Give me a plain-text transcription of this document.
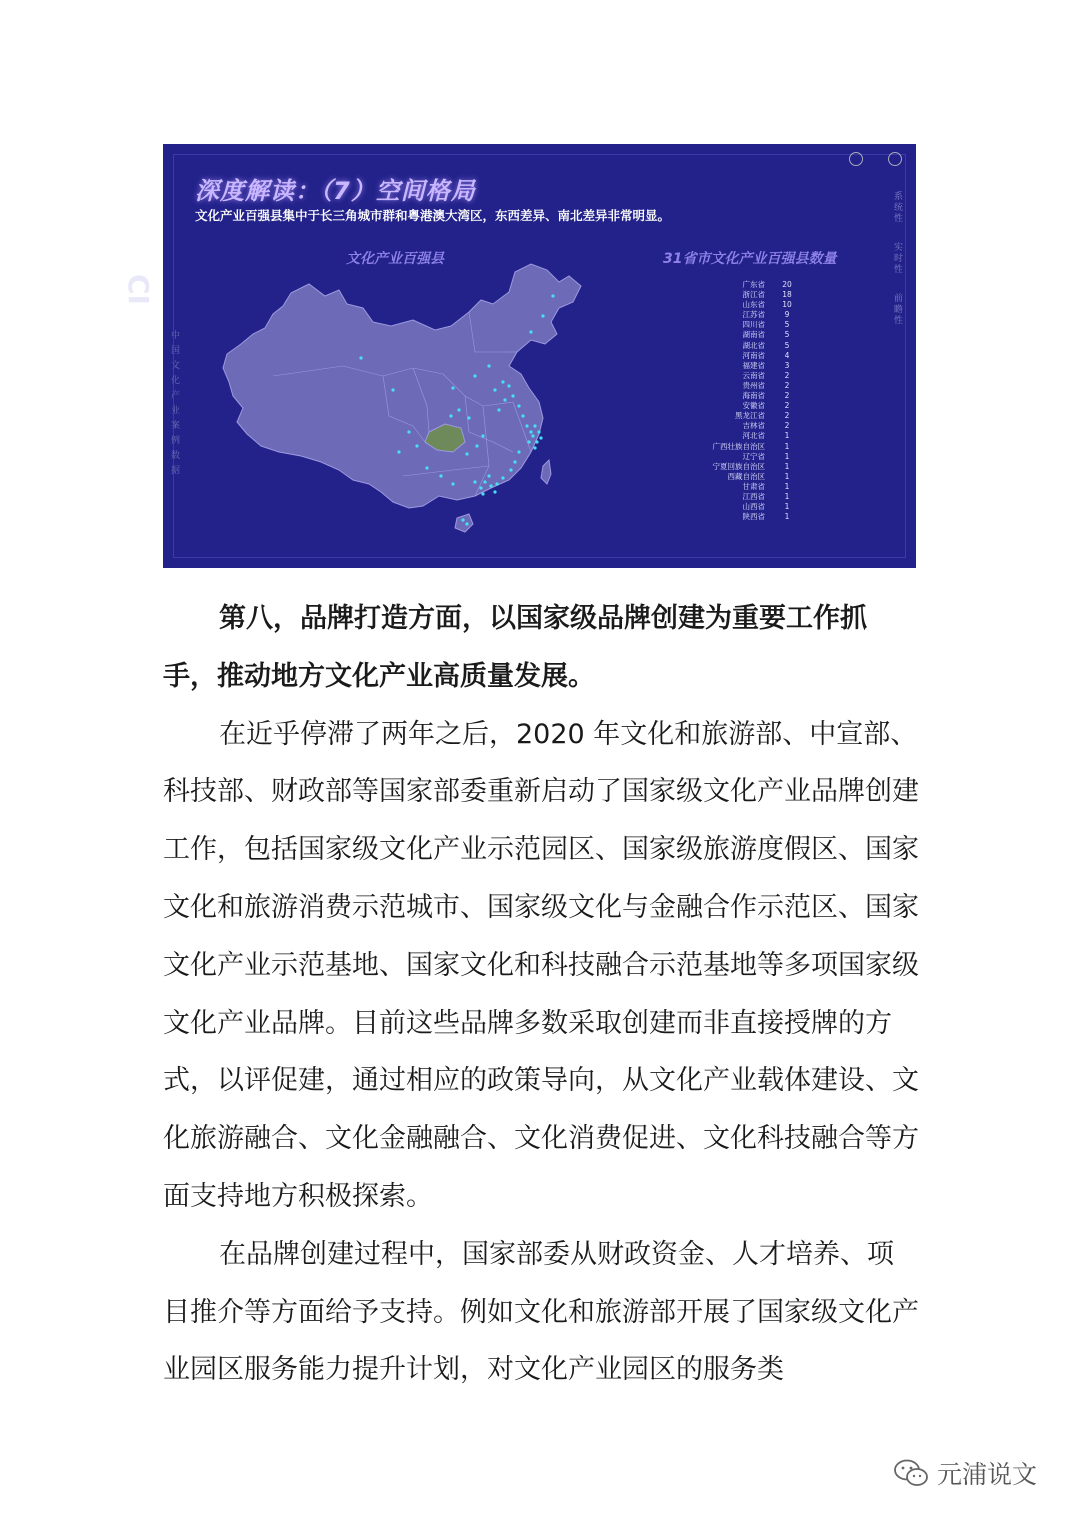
CI

深度解读：（7）空间格局
文化产业百强县集中于长三角城市群和粤港澳大湾区，东西差异、南北差异非常明显。
文化产业百强县	31省市文化产业百强县数量
系统性
实时性
前瞻性
中
国
文
化
产
业
案
例
数
据
广东省	20
浙江省	18
山东省	10
江苏省	9
四川省	5
湖南省	5
湖北省	5
河南省	4
福建省	3
云南省	2
贵州省	2
海南省	2
安徽省	2
黑龙江省	2
吉林省	2
河北省	1
广西壮族自治区	1
辽宁省	1
宁夏回族自治区	1
西藏自治区	1
甘肃省	1
江西省	1
山西省	1
陕西省	1

第八，品牌打造方面，以国家级品牌创建为重要工作抓手，推动地方文化产业高质量发展。

在近乎停滞了两年之后，2020 年文化和旅游部、中宣部、科技部、财政部等国家部委重新启动了国家级文化产业品牌创建工作，包括国家级文化产业示范园区、国家级旅游度假区、国家文化和旅游消费示范城市、国家级文化与金融合作示范区、国家文化产业示范基地、国家文化和科技融合示范基地等多项国家级文化产业品牌。目前这些品牌多数采取创建而非直接授牌的方式，以评促建，通过相应的政策导向，从文化产业载体建设、文化旅游融合、文化金融融合、文化消费促进、文化科技融合等方面支持地方积极探索。

在品牌创建过程中，国家部委从财政资金、人才培养、项目推介等方面给予支持。例如文化和旅游部开展了国家级文化产业园区服务能力提升计划，对文化产业园区的服务类

元浦说文
